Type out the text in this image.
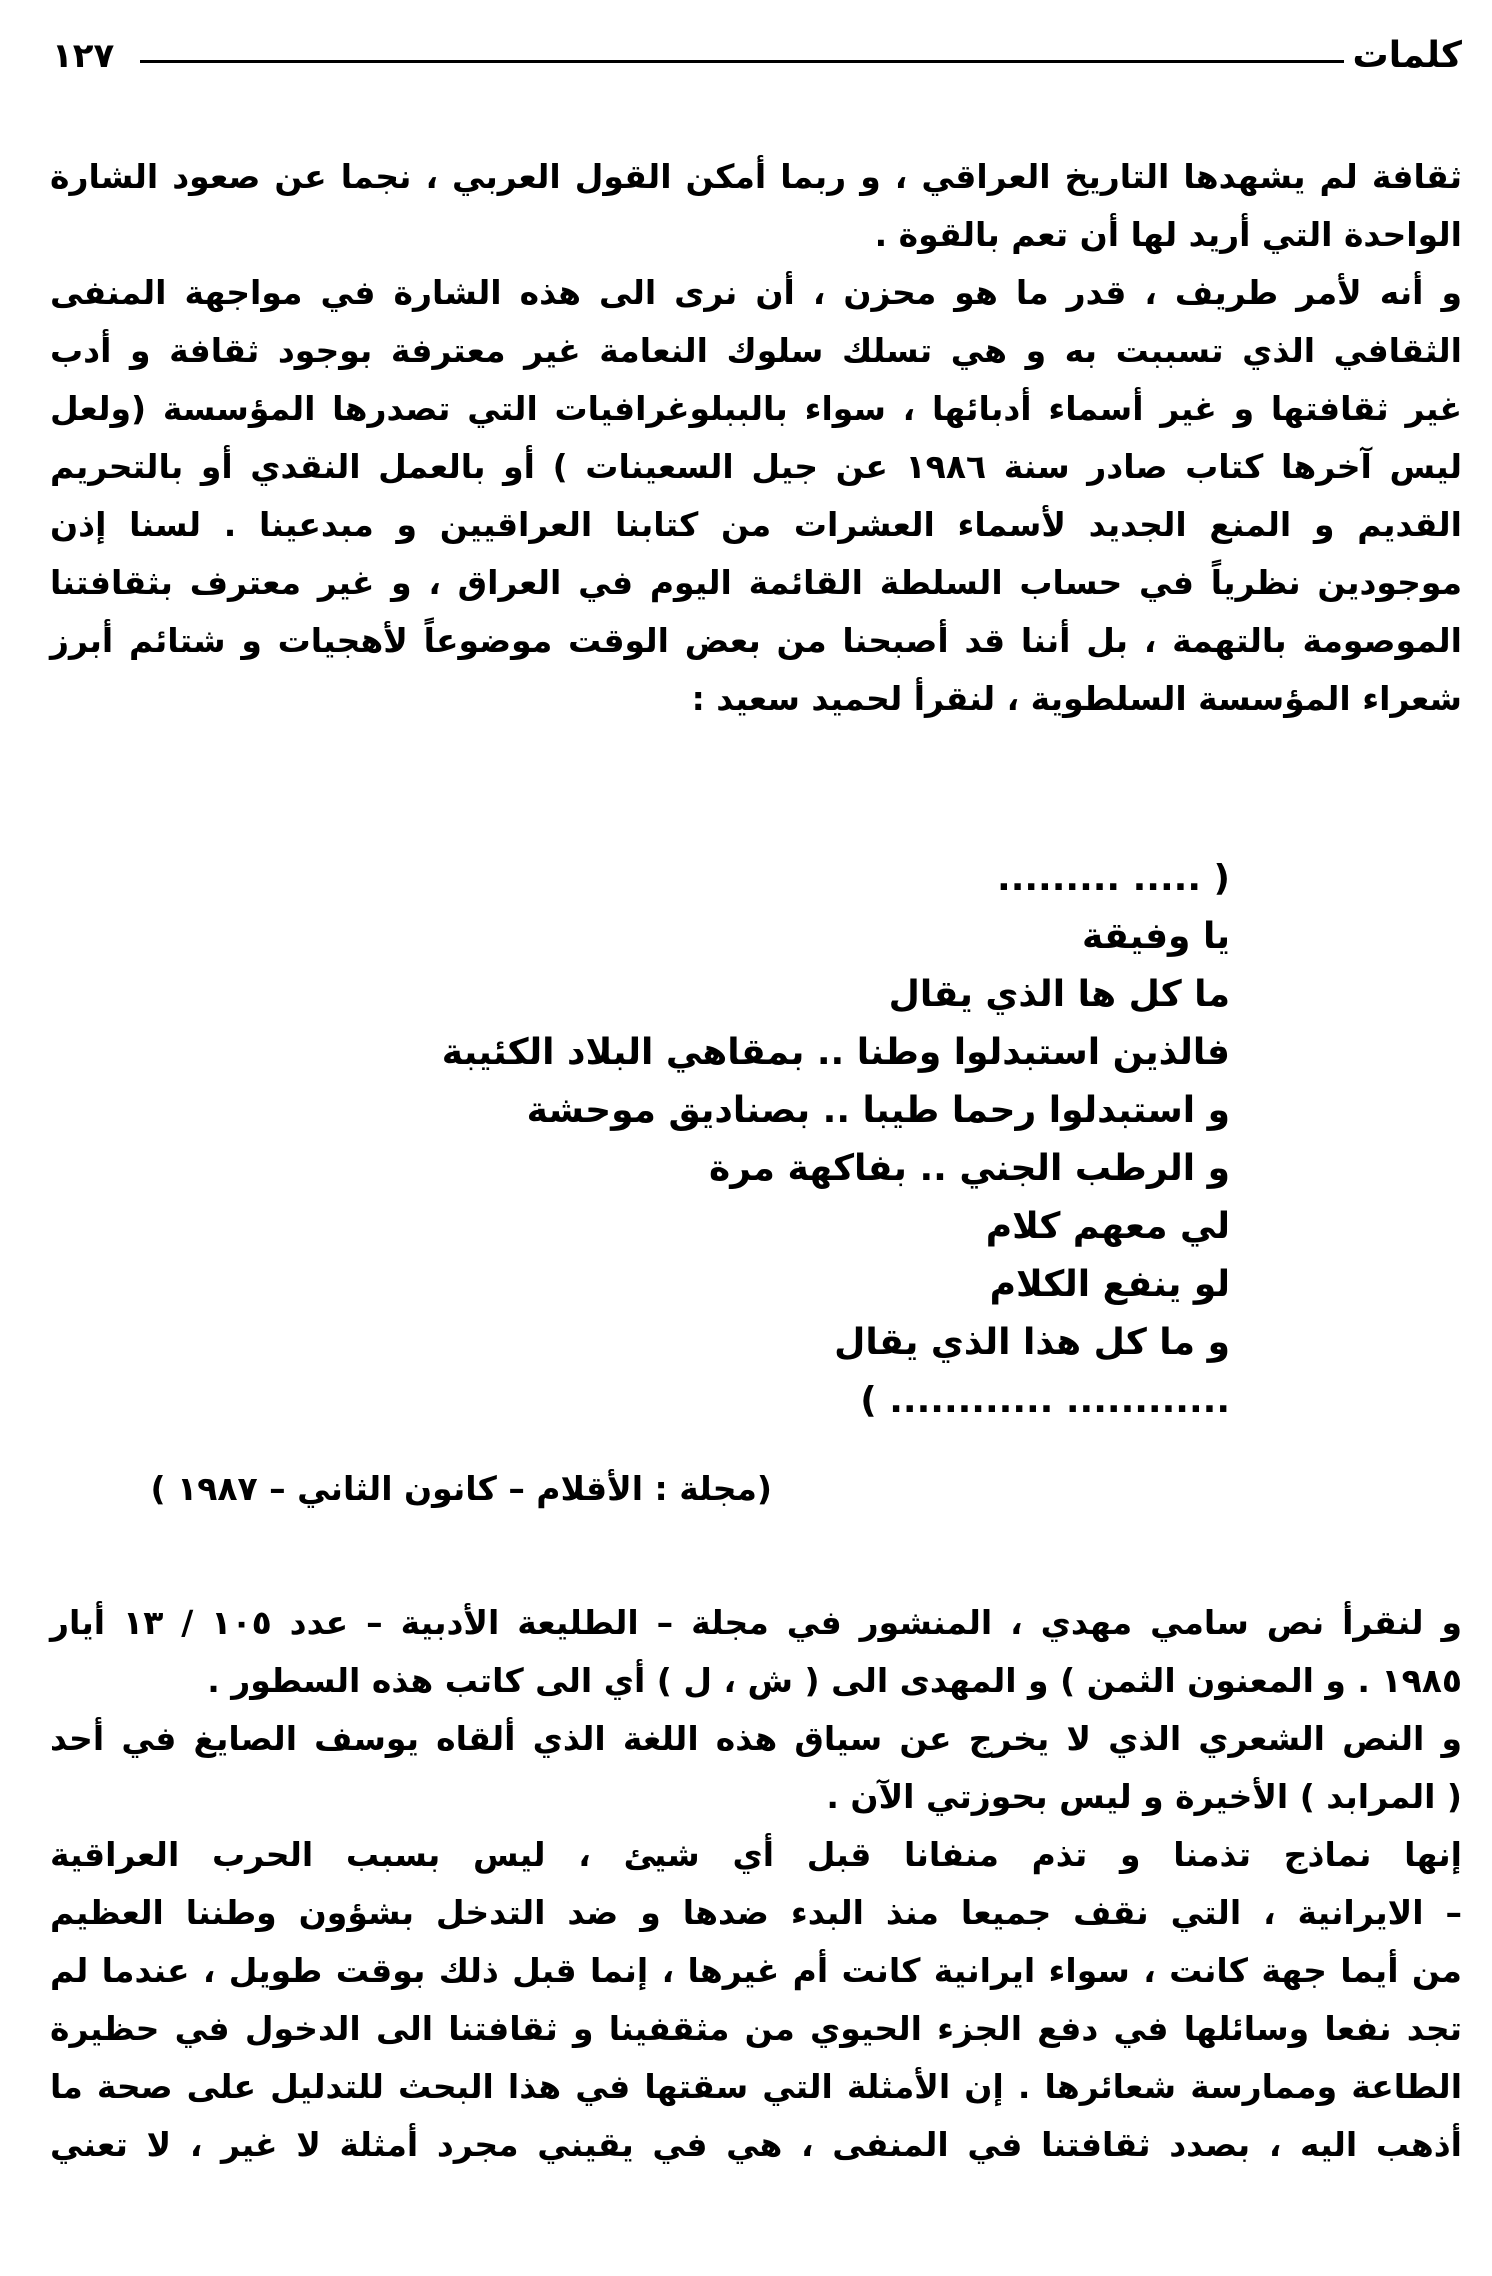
١٢٧	كلمات
ثقافة لم يشهدها التاريخ العراقي ، و ربما أمكن القول العربي ، نجما عن صعود الشارة
الواحدة التي أريد لها أن تعم بالقوة .
و أنه لأمر طريف ، قدر ما هو محزن ، أن نرى الى هذه الشارة في مواجهة المنفى
الثقافي الذي تسببت به و هي تسلك سلوك النعامة غير معترفة بوجود ثقافة و أدب
غير ثقافتها و غير أسماء أدبائها ، سواء بالببلوغرافيات التي تصدرها المؤسسة (ولعل
ليس آخرها كتاب صادر سنة ١٩٨٦ عن جيل السعينات ) أو بالعمل النقدي أو بالتحريم
القديم و المنع الجديد لأسماء العشرات من كتابنا العراقيين و مبدعينا . لسنا إذن
موجودين نظرياً في حساب السلطة القائمة اليوم في العراق ، و غير معترف بثقافتنا
الموصومة بالتهمة ، بل أننا قد أصبحنا من بعض الوقت موضوعاً لأهجيات و شتائم أبرز
شعراء المؤسسة السلطوية ، لنقرأ لحميد سعيد :
( ..... .........
يا وفيقة
ما كل ها الذي يقال
فالذين استبدلوا وطنا .. بمقاهي البلاد الكئيبة
و استبدلوا رحما طيبا .. بصناديق موحشة
و الرطب الجني .. بفاكهة مرة
لي معهم كلام
لو ينفع الكلام
و ما كل هذا الذي يقال
............ ............ )
(مجلة : الأقلام – كانون الثاني – ١٩٨٧ )
و لنقرأ نص سامي مهدي ، المنشور في مجلة – الطليعة الأدبية – عدد ١٠٥ / ١٣ أيار
١٩٨٥ . و المعنون الثمن ) و المهدى الى ( ش ، ل ) أي الى كاتب هذه السطور .
و النص الشعري الذي لا يخرج عن سياق هذه اللغة الذي ألقاه يوسف الصايغ في أحد
( المرابد ) الأخيرة و ليس بحوزتي الآن .
إنها نماذج تذمنا و تذم منفانا قبل أي شيئ ، ليس بسبب الحرب العراقية
– الايرانية ، التي نقف جميعا منذ البدء ضدها و ضد التدخل بشؤون وطننا العظيم
من أيما جهة كانت ، سواء ايرانية كانت أم غيرها ، إنما قبل ذلك بوقت طويل ، عندما لم
تجد نفعا وسائلها في دفع الجزء الحيوي من مثقفينا و ثقافتنا الى الدخول في حظيرة
الطاعة وممارسة شعائرها . إن الأمثلة التي سقتها في هذا البحث للتدليل على صحة ما
أذهب اليه ، بصدد ثقافتنا في المنفى ، هي في يقيني مجرد أمثلة لا غير ، لا تعني
